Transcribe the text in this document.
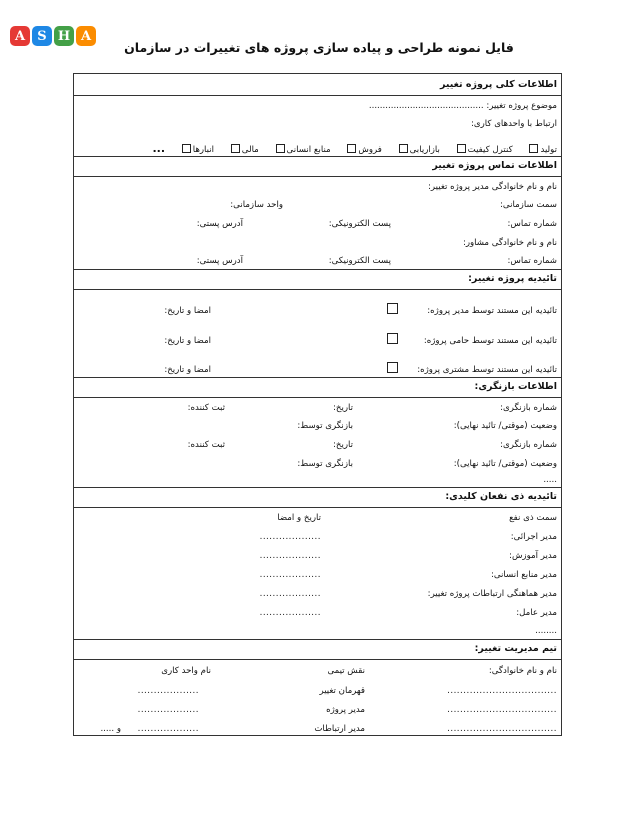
A S H A
فایل نمونه طراحی و پیاده سازی پروژه های تغییرات در سازمان
اطلاعات کلی پروژه تغییر
موضوع پروژه تغییر: ..........................................
ارتباط با واحدهای کاری:
تولید کنترل کیفیت بازاریابی فروش منابع انسانی مالی انبارها ...
اطلاعات تماس پروژه تغییر
نام و نام خانوادگی مدیر پروژه تغییر:
سمت سازمانی:
واحد سازمانی:
شماره تماس:
پست الکترونیکی:
آدرس پستی:
نام و نام خانوادگی مشاور:
شماره تماس:
پست الکترونیکی:
آدرس پستی:
تائیدیه پروژه تغییر:
تائیدیه این مستند توسط مدیر پروژه:
امضا و تاریخ:
تائیدیه این مستند توسط حامی پروژه:
امضا و تاریخ:
تائیدیه این مستند توسط مشتری پروژه:
امضا و تاریخ:
اطلاعات بازنگری:
شماره بازنگری:
تاریخ:
ثبت کننده:
وضعیت (موقتی/ تائید نهایی):
بازنگری توسط:
شماره بازنگری:
تاریخ:
ثبت کننده:
وضعیت (موقتی/ تائید نهایی):
بازنگری توسط:
.....
تائیدیه ذی نفعان کلیدی:
سمت ذی نفع
تاریخ و امضا
مدیر اجرائی:
...................
مدیر آموزش:
...................
مدیر منابع انسانی:
...................
مدیر هماهنگی ارتباطات پروژه تغییر:
...................
مدیر عامل:
...................
........
تیم مدیریت تغییر:
نام و نام خانوادگی:
نقش تیمی
نام واحد کاری
..................................
قهرمان تغییر
...................
..................................
مدیر پروژه
...................
..................................
مدیر ارتباطات
...................
و .....
